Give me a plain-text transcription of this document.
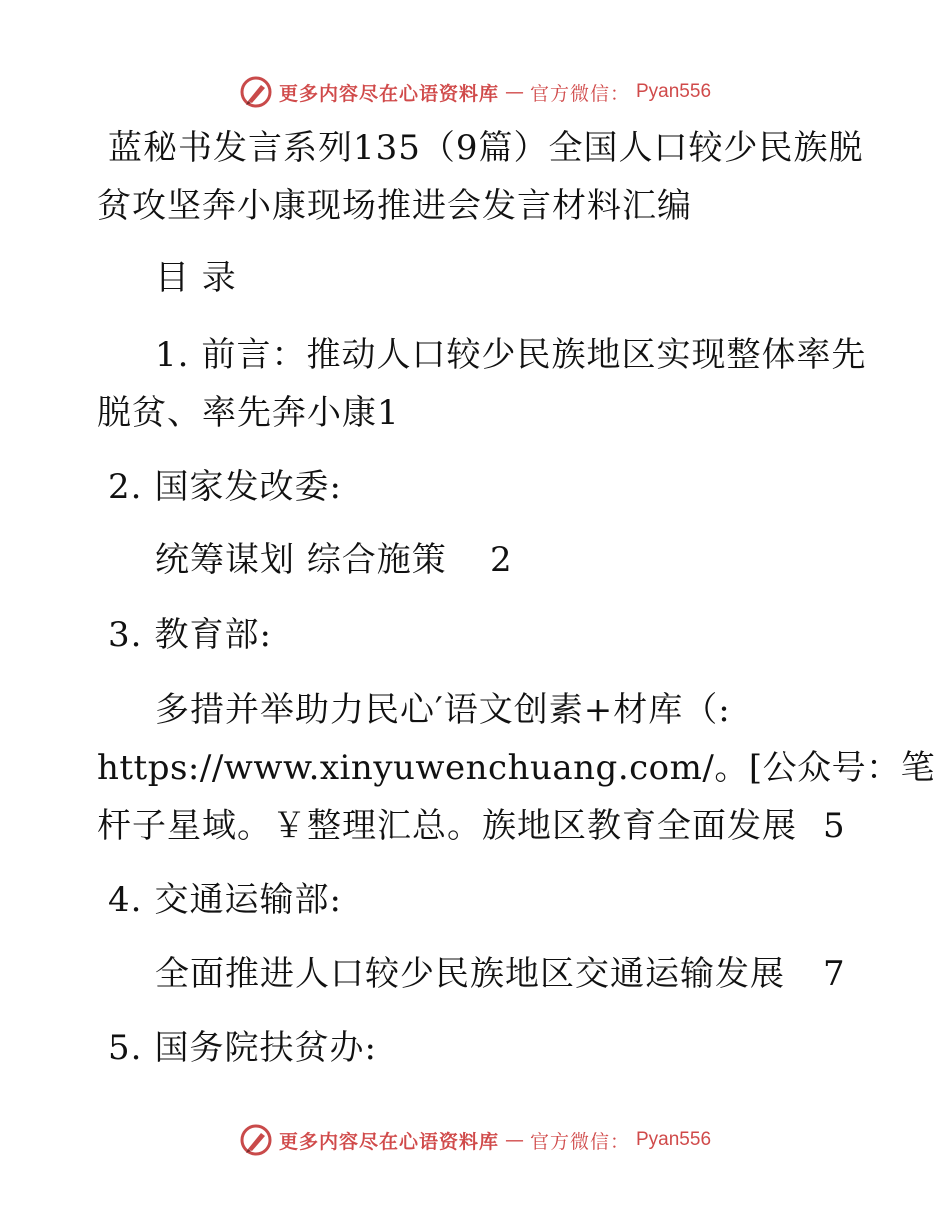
更多内容尽在心语资料库 — 官方微信： Pyan556
蓝秘书发言系列135（9篇）全国人口较少民族脱
贫攻坚奔小康现场推进会发言材料汇编
目 录
1. 前言：推动人口较少民族地区实现整体率先
脱贫、率先奔小康1
2. 国家发改委:
统筹谋划 综合施策 2
3. 教育部:
多措并举助力民心′语文创素+材库（:
https://www.xinyuwenchuang.com/。[公众号：笔
杆子星域。￥整理汇总。族地区教育全面发展 5
4. 交通运输部:
全面推进人口较少民族地区交通运输发展 7
5. 国务院扶贫办:
更多内容尽在心语资料库 — 官方微信： Pyan556
